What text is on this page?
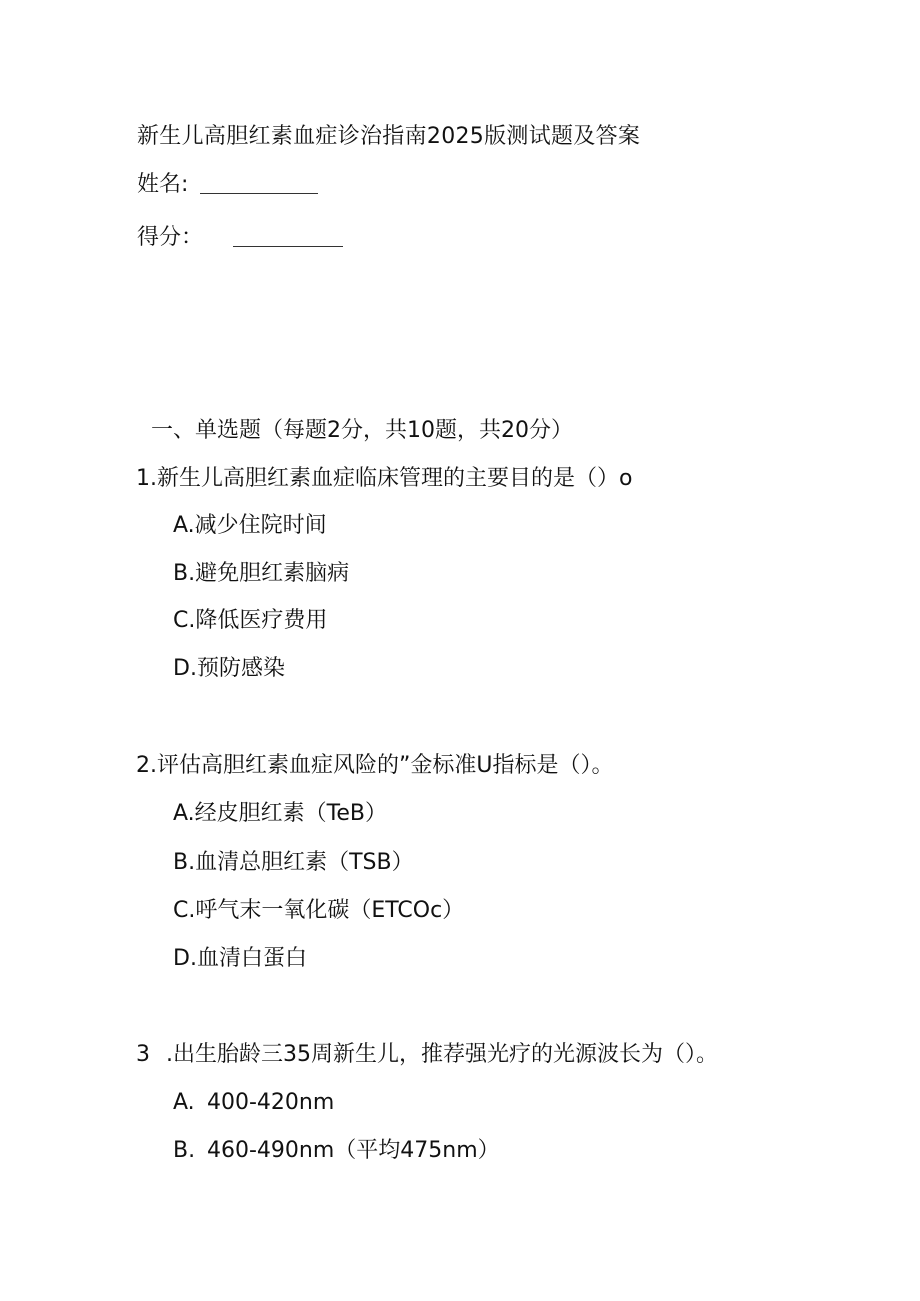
新生儿高胆红素血症诊治指南2025版测试题及答案
姓名:
得分：
一、单选题（每题2分，共10题，共20分）
1.新生儿高胆红素血症临床管理的主要目的是（）o
A.减少住院时间
B.避免胆红素脑病
C.降低医疗费用
D.预防感染
2.评估高胆红素血症风险的”金标准U指标是（）。
A.经皮胆红素（TeB）
B.血清总胆红素（TSB）
C.呼气末一氧化碳（ETCOc）
D.血清白蛋白
3 .出生胎龄三35周新生儿，推荐强光疗的光源波长为（）。
A. 400-420nm
B. 460-490nm（平均475nm）
